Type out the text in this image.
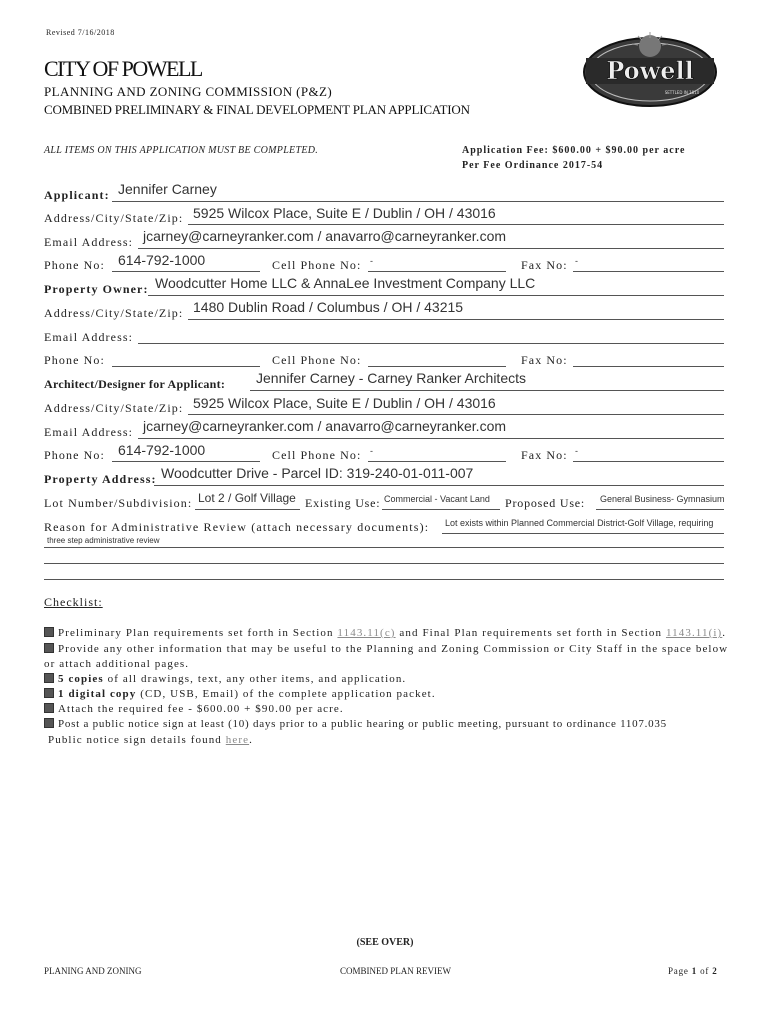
Revised 7/16/2018
CITY OF POWELL
PLANNING AND ZONING COMMISSION (P&Z)
COMBINED PRELIMINARY & FINAL DEVELOPMENT PLAN APPLICATION
Powell
SETTLED IN 1810
ALL ITEMS ON THIS APPLICATION MUST BE COMPLETED.	Application Fee: $600.00 + $90.00 per acre
Per Fee Ordinance 2017-54
Applicant: Jennifer Carney
Address/City/State/Zip: 5925 Wilcox Place, Suite E / Dublin / OH / 43016
Email Address: jcarney@carneyranker.com / anavarro@carneyranker.com
Phone No: 614-792-1000	Cell Phone No: -	Fax No: -
Property Owner: Woodcutter Home LLC & AnnaLee Investment Company LLC
Address/City/State/Zip: 1480 Dublin Road / Columbus / OH / 43215
Email Address:
Phone No:	Cell Phone No:	Fax No:
Architect/Designer for Applicant: Jennifer Carney - Carney Ranker Architects
Address/City/State/Zip: 5925 Wilcox Place, Suite E / Dublin / OH / 43016
Email Address: jcarney@carneyranker.com / anavarro@carneyranker.com
Phone No: 614-792-1000	Cell Phone No: -	Fax No: -
Property Address: Woodcutter Drive - Parcel ID: 319-240-01-011-007
Lot Number/Subdivision: Lot 2 / Golf Village Existing Use: Commercial - Vacant Land Proposed Use: General Business- Gymnasium
Reason for Administrative Review (attach necessary documents): Lot exists within Planned Commercial District-Golf Village, requiring
three step administrative review
Checklist:
Preliminary Plan requirements set forth in Section 1143.11(c) and Final Plan requirements set forth in Section 1143.11(i).
Provide any other information that may be useful to the Planning and Zoning Commission or City Staff in the space below or attach additional pages.
5 copies of all drawings, text, any other items, and application.
1 digital copy (CD, USB, Email) of the complete application packet.
Attach the required fee - $600.00 + $90.00 per acre.
Post a public notice sign at least (10) days prior to a public hearing or public meeting, pursuant to ordinance 1107.035
Public notice sign details found here.
(SEE OVER)
PLANING AND ZONING	COMBINED PLAN REVIEW	Page 1 of 2
